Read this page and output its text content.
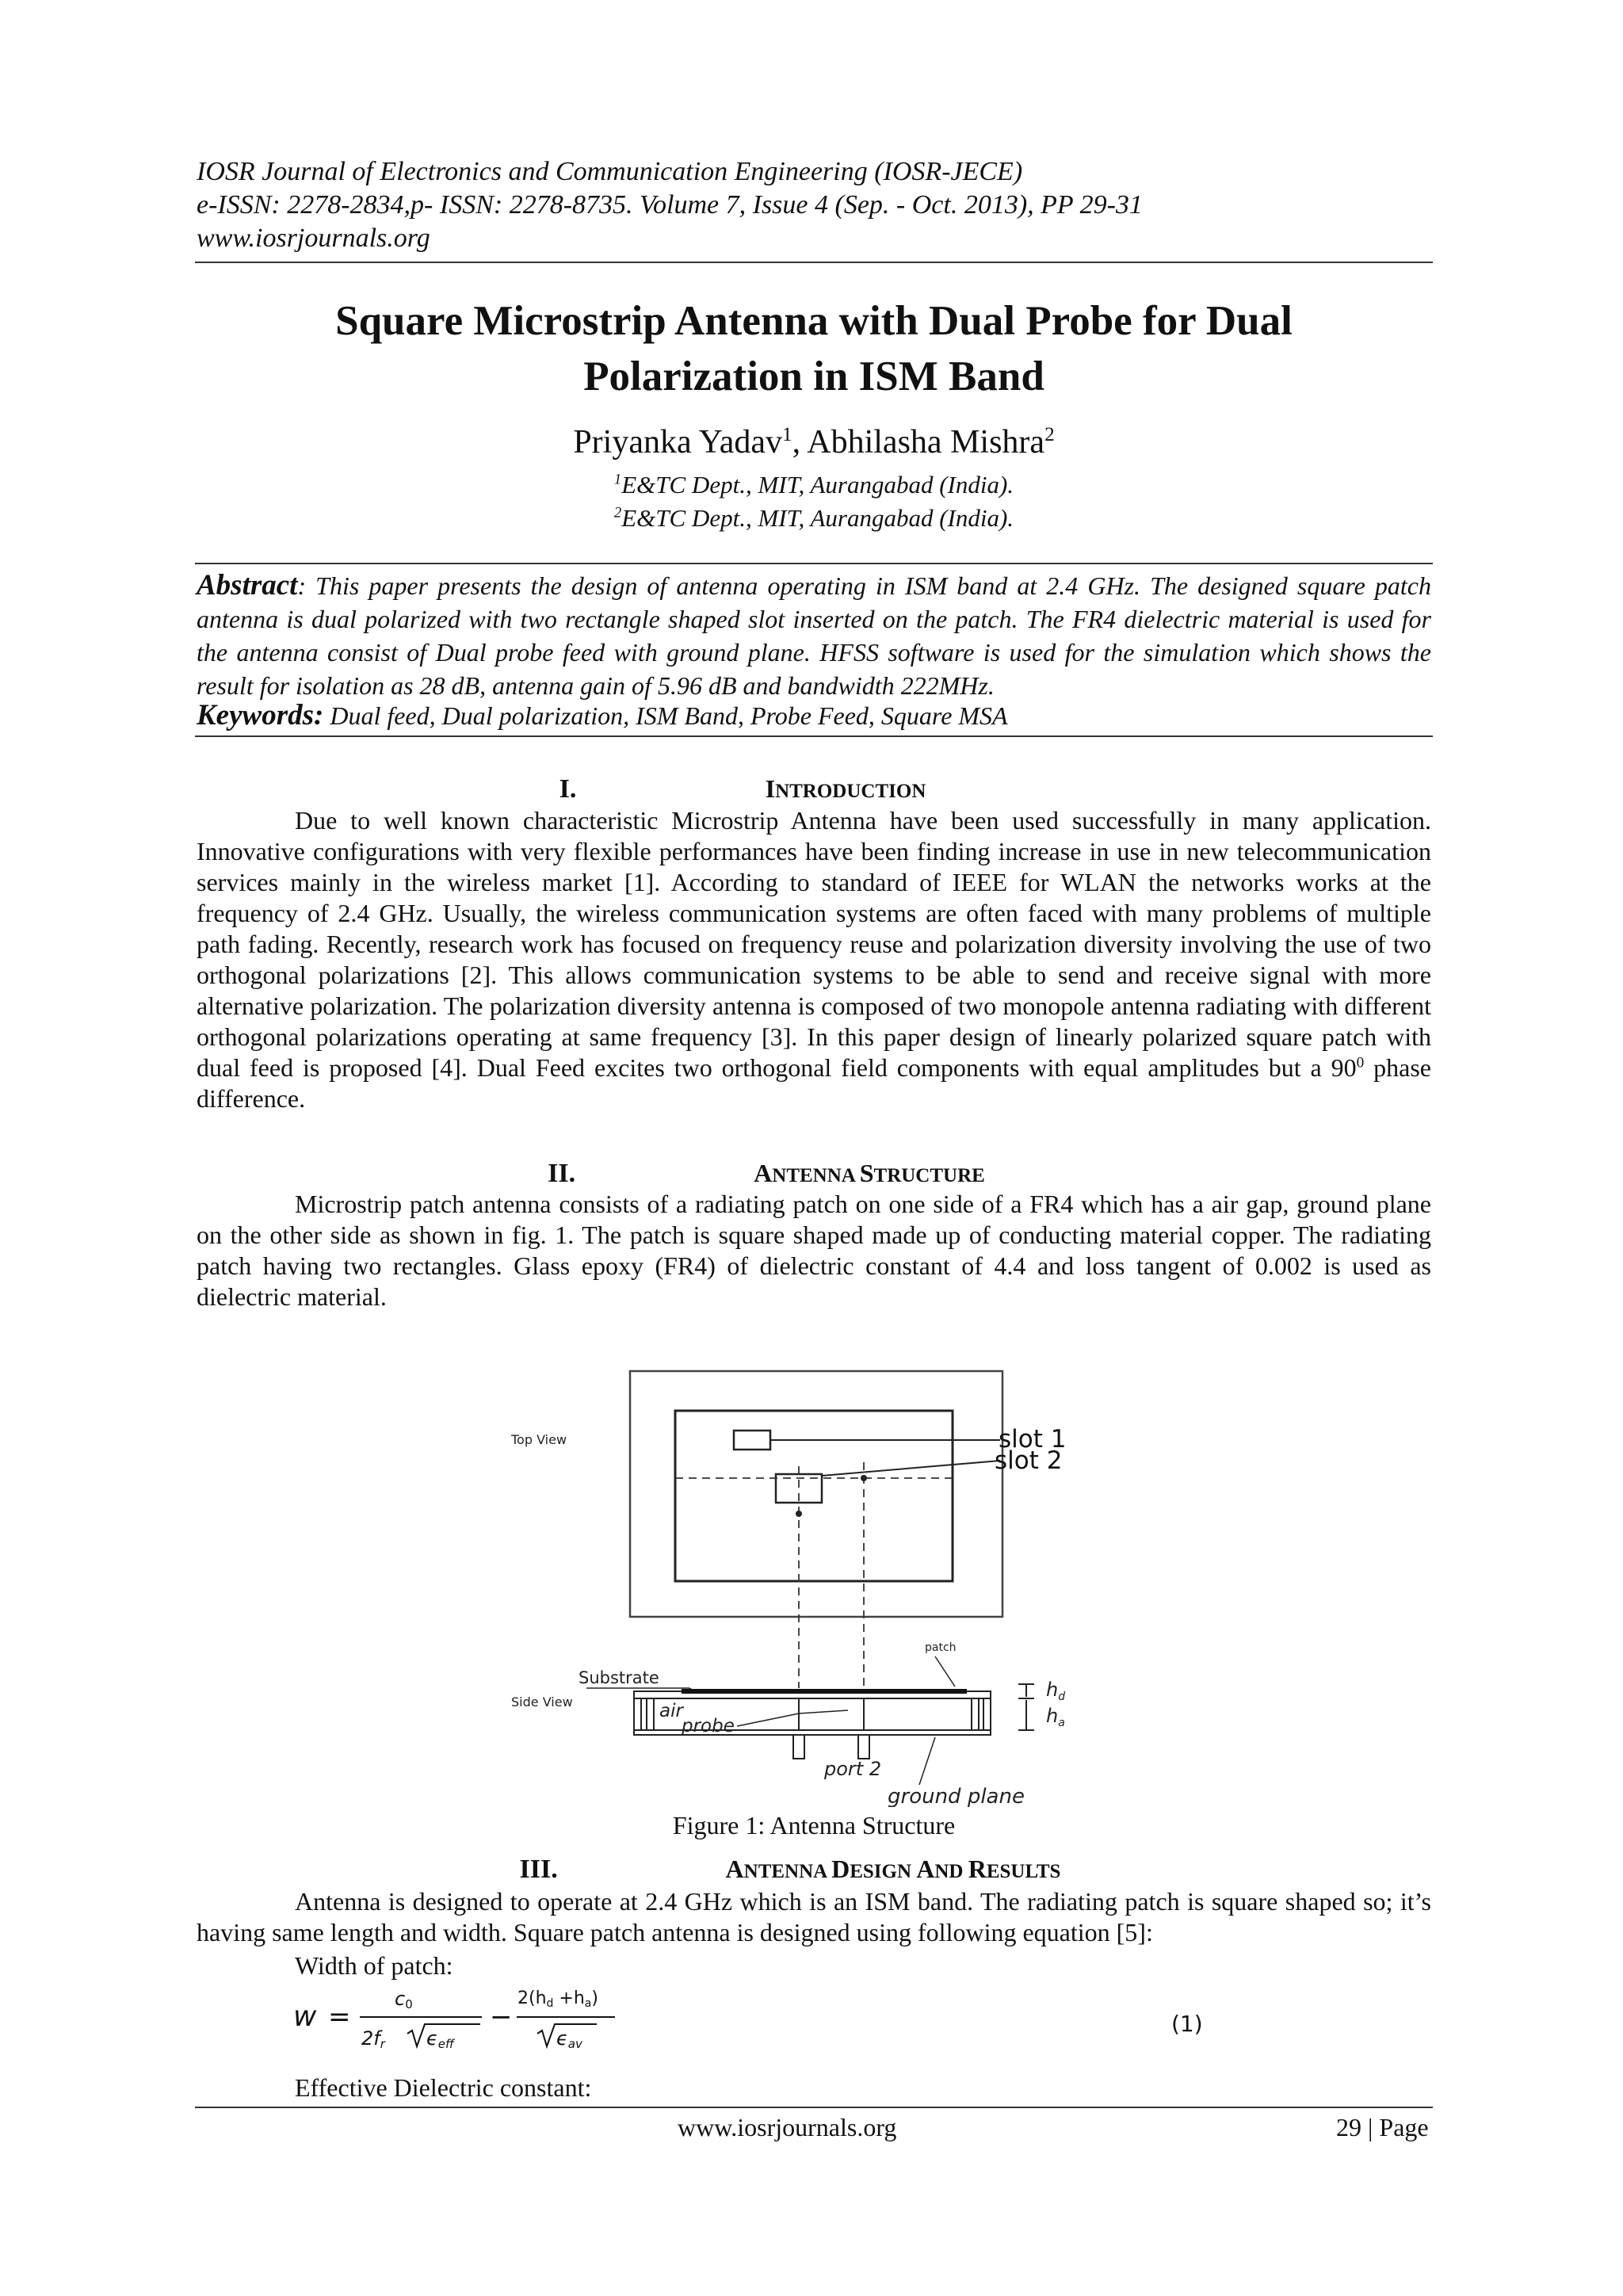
IOSR Journal of Electronics and Communication Engineering (IOSR-JECE)
e-ISSN: 2278-2834,p- ISSN: 2278-8735. Volume 7, Issue 4 (Sep. - Oct. 2013), PP 29-31
www.iosrjournals.org
Square Microstrip Antenna with Dual Probe for Dual
Polarization in ISM Band
Priyanka Yadav$^1$, Abhilasha Mishra$^2$
$^1$E&TC Dept., MIT, Aurangabad (India).
$^2$E&TC Dept., MIT, Aurangabad (India).
Abstract: This paper presents the design of antenna operating in ISM band at 2.4 GHz. The designed square patch antenna is dual polarized with two rectangle shaped slot inserted on the patch. The FR4 dielectric material is used for the antenna consist of Dual probe feed with ground plane. HFSS software is used for the simulation which shows the result for isolation as 28 dB, antenna gain of 5.96 dB and bandwidth 222MHz.
Keywords: Dual feed, Dual polarization, ISM Band, Probe Feed, Square MSA
I.	INTRODUCTION
Due to well known characteristic Microstrip Antenna have been used successfully in many application. Innovative configurations with very flexible performances have been finding increase in use in new telecommunication services mainly in the wireless market [1]. According to standard of IEEE for WLAN the networks works at the frequency of 2.4 GHz. Usually, the wireless communication systems are often faced with many problems of multiple path fading. Recently, research work has focused on frequency reuse and polarization diversity involving the use of two orthogonal polarizations [2]. This allows communication systems to be able to send and receive signal with more alternative polarization. The polarization diversity antenna is composed of two monopole antenna radiating with different orthogonal polarizations operating at same frequency [3]. In this paper design of linearly polarized square patch with dual feed is proposed [4]. Dual Feed excites two orthogonal field components with equal amplitudes but a $90^0$ phase difference.
II.	ANTENNA STRUCTURE
Microstrip patch antenna consists of a radiating patch on one side of a FR4 which has a air gap, ground plane on the other side as shown in fig. 1. The patch is square shaped made up of conducting material copper. The radiating patch having two rectangles. Glass epoxy (FR4) of dielectric constant of 4.4 and loss tangent of 0.002 is used as dielectric material.
slot 1
slot 2
Top View
Side View
Substrate
patch
air
probe
port 2
ground plane
$h_d$
$h_a$
Figure 1: Antenna Structure
III.	ANTENNA DESIGN AND RESULTS
Antenna is designed to operate at 2.4 GHz which is an ISM band. The radiating patch is square shaped so; it’s having same length and width. Square patch antenna is designed using following equation [5]:
Width of patch:
w =
c0
2fr ϵeff
−
2(hd +ha)
ϵav
(1)
Effective Dielectric constant:
www.iosrjournals.org	29 | Page
